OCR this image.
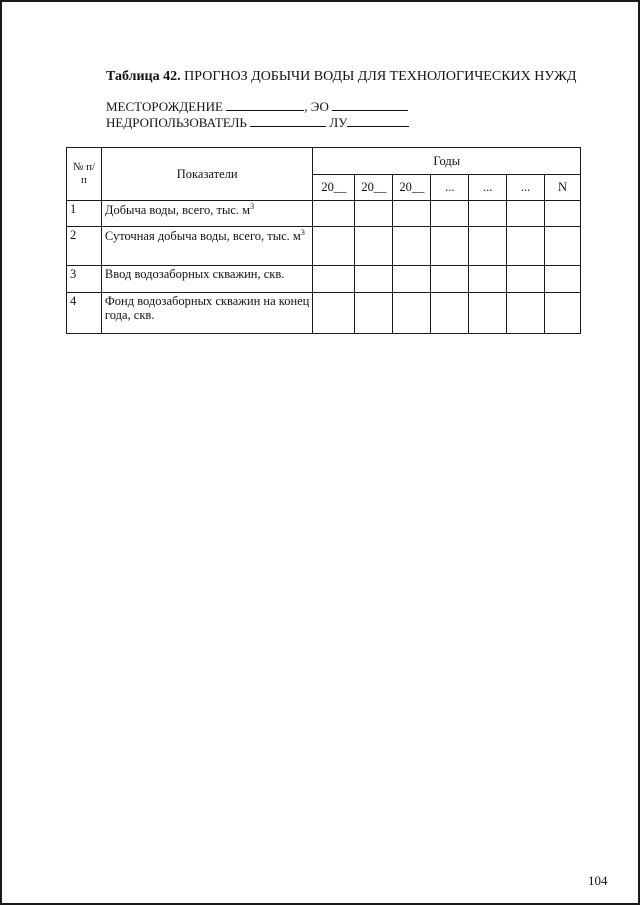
Таблица 42. ПРОГНОЗ ДОБЫЧИ ВОДЫ ДЛЯ ТЕХНОЛОГИЧЕСКИХ НУЖД
МЕСТОРОЖДЕНИЕ	, ЭО
НЕДРОПОЛЬЗОВАТЕЛЬ	ЛУ
№ п/п	Показатели	Годы						
		20__	20__	20__	...	...	...	N
1	Добыча воды, всего, тыс. $м^3$							
2	Суточная добыча воды, всего, тыс. $м^3$							
3	Ввод водозаборных скважин, скв.							
4	Фонд водозаборных скважин на конец года, скв.							
104
